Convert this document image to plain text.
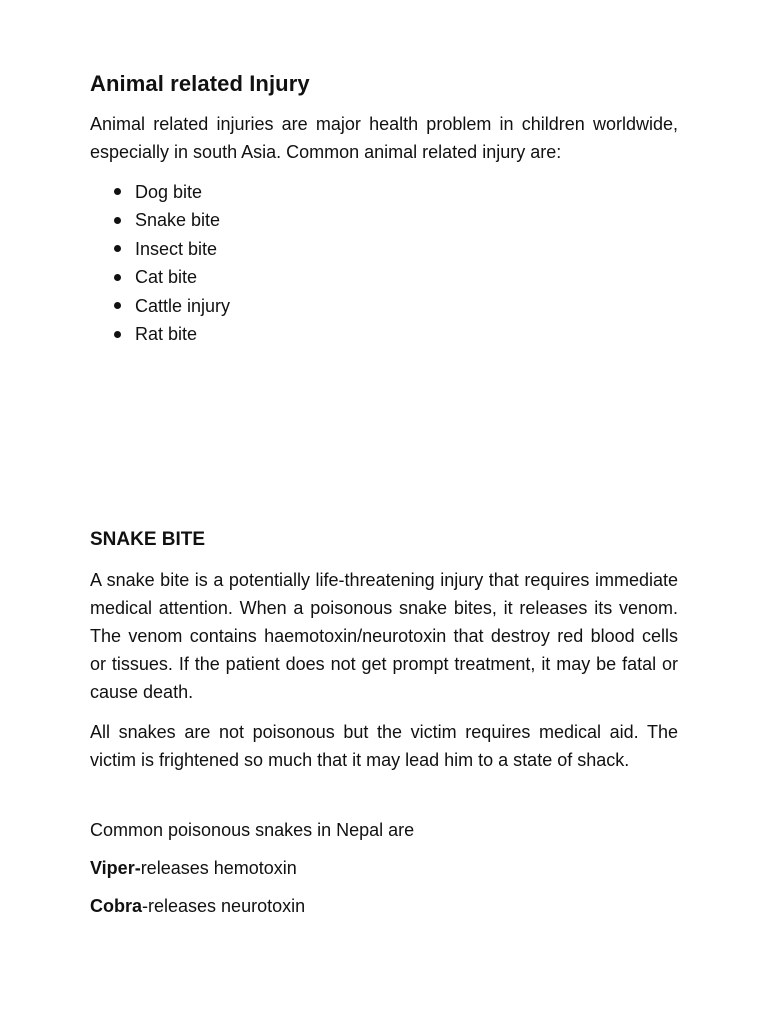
Animal related Injury

Animal related injuries are major health problem in children worldwide, especially in south Asia. Common animal related injury are:

Dog bite
Snake bite
Insect bite
Cat bite
Cattle injury
Rat bite
SNAKE BITE

A snake bite is a potentially life-threatening injury that requires immediate medical attention. When a poisonous snake bites, it releases its venom. The venom contains haemotoxin/neurotoxin that destroy red blood cells or tissues. If the patient does not get prompt treatment, it may be fatal or cause death.

All snakes are not poisonous but the victim requires medical aid. The victim is frightened so much that it may lead him to a state of shack.

Common poisonous snakes in Nepal are

Viper-releases hemotoxin

Cobra-releases neurotoxin
